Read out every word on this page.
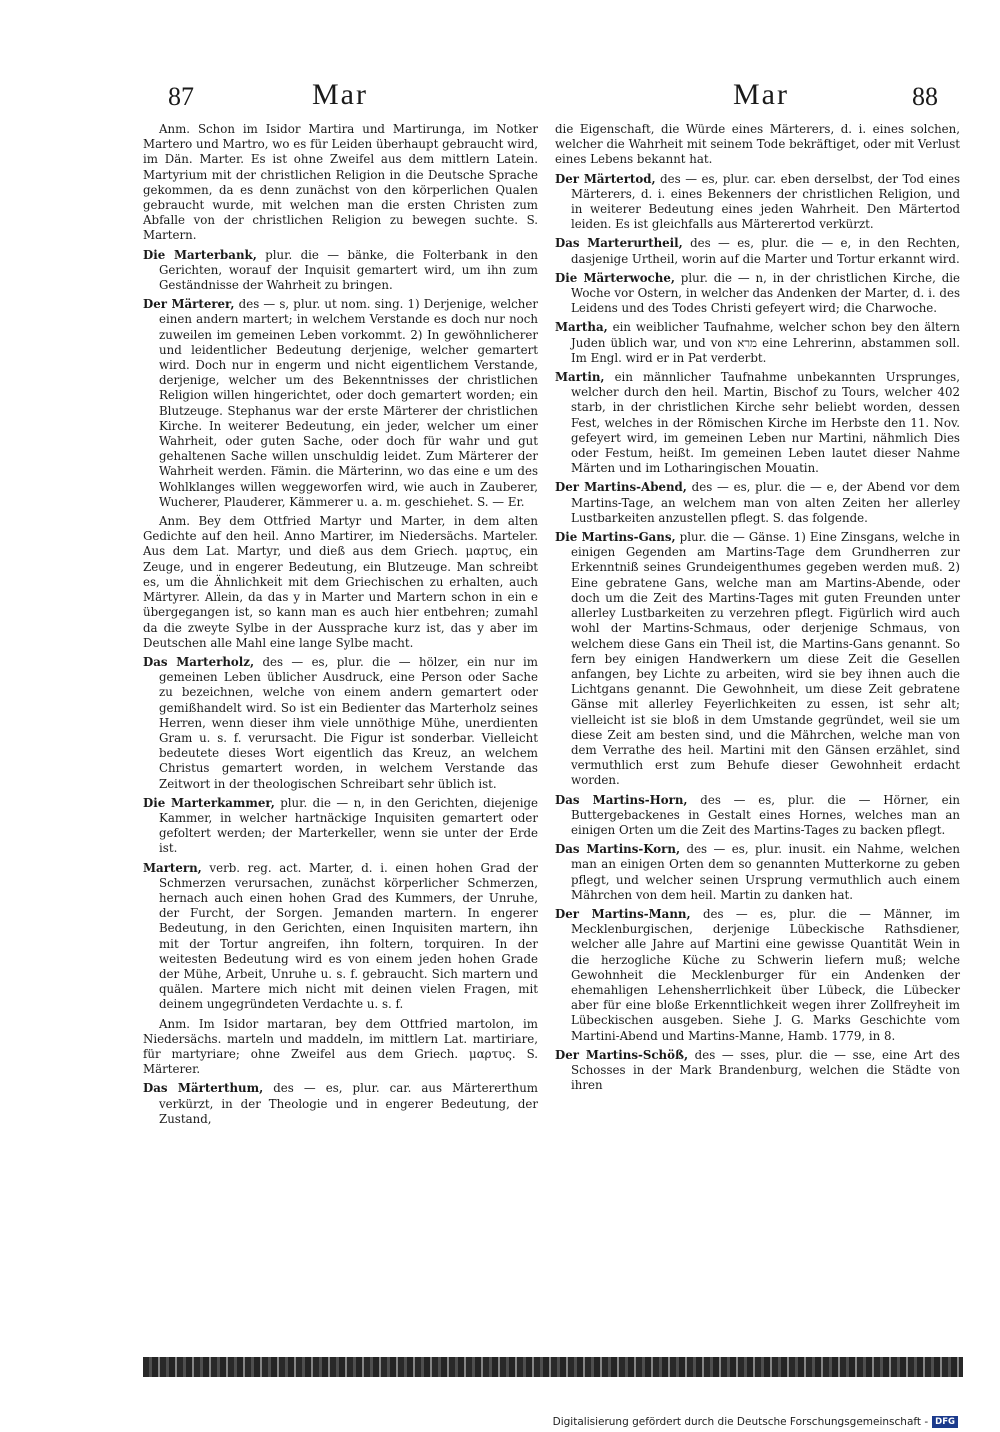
87	Mar	Mar	88

Anm. Schon im Isidor Martira und Martirunga, im Notker Martero und Martro, wo es für Leiden überhaupt gebraucht wird, im Dän. Marter. Es ist ohne Zweifel aus dem mittlern Latein. Martyrium mit der christlichen Religion in die Deutsche Sprache gekommen, da es denn zunächst von den körperlichen Qualen gebraucht wurde, mit welchen man die ersten Christen zum Abfalle von der christlichen Religion zu bewegen suchte. S. Martern.

Die Marterbank, plur. die — bänke, die Folterbank in den Gerichten, worauf der Inquisit gemartert wird, um ihn zum Geständnisse der Wahrheit zu bringen.

Der Märterer, des — s, plur. ut nom. sing. 1) Derjenige, welcher einen andern martert; in welchem Verstande es doch nur noch zuweilen im gemeinen Leben vorkommt. 2) In gewöhnlicherer und leidentlicher Bedeutung derjenige, welcher gemartert wird. Doch nur in engerm und nicht eigentlichem Verstande, derjenige, welcher um des Bekenntnisses der christlichen Religion willen hingerichtet, oder doch gemartert worden; ein Blutzeuge. Stephanus war der erste Märterer der christlichen Kirche. In weiterer Bedeutung, ein jeder, welcher um einer Wahrheit, oder guten Sache, oder doch für wahr und gut gehaltenen Sache willen unschuldig leidet. Zum Märterer der Wahrheit werden. Fämin. die Märterinn, wo das eine e um des Wohlklanges willen weggeworfen wird, wie auch in Zauberer, Wucherer, Plauderer, Kämmerer u. a. m. geschiehet. S. — Er.

Anm. Bey dem Ottfried Martyr und Marter, in dem alten Gedichte auf den heil. Anno Martirer, im Niedersächs. Marteler. Aus dem Lat. Martyr, und dieß aus dem Griech. μαρτυς, ein Zeuge, und in engerer Bedeutung, ein Blutzeuge. Man schreibt es, um die Ähnlichkeit mit dem Griechischen zu erhalten, auch Märtyrer. Allein, da das y in Marter und Martern schon in ein e übergegangen ist, so kann man es auch hier entbehren; zumahl da die zweyte Sylbe in der Aussprache kurz ist, das y aber im Deutschen alle Mahl eine lange Sylbe macht.

Das Marterholz, des — es, plur. die — hölzer, ein nur im gemeinen Leben üblicher Ausdruck, eine Person oder Sache zu bezeichnen, welche von einem andern gemartert oder gemißhandelt wird. So ist ein Bedienter das Marterholz seines Herren, wenn dieser ihm viele unnöthige Mühe, unerdienten Gram u. s. f. verursacht. Die Figur ist sonderbar. Vielleicht bedeutete dieses Wort eigentlich das Kreuz, an welchem Christus gemartert worden, in welchem Verstande das Zeitwort in der theologischen Schreibart sehr üblich ist.

Die Marterkammer, plur. die — n, in den Gerichten, diejenige Kammer, in welcher hartnäckige Inquisiten gemartert oder gefoltert werden; der Marterkeller, wenn sie unter der Erde ist.

Martern, verb. reg. act. Marter, d. i. einen hohen Grad der Schmerzen verursachen, zunächst körperlicher Schmerzen, hernach auch einen hohen Grad des Kummers, der Unruhe, der Furcht, der Sorgen. Jemanden martern. In engerer Bedeutung, in den Gerichten, einen Inquisiten martern, ihn mit der Tortur angreifen, ihn foltern, torquiren. In der weitesten Bedeutung wird es von einem jeden hohen Grade der Mühe, Arbeit, Unruhe u. s. f. gebraucht. Sich martern und quälen. Martere mich nicht mit deinen vielen Fragen, mit deinem ungegründeten Verdachte u. s. f.

Anm. Im Isidor martaran, bey dem Ottfried martolon, im Niedersächs. marteln und maddeln, im mittlern Lat. martiriare, für martyriare; ohne Zweifel aus dem Griech. μαρτυς. S. Märterer.

Das Märterthum, des — es, plur. car. aus Märtererthum verkürzt, in der Theologie und in engerer Bedeutung, der Zustand,

die Eigenschaft, die Würde eines Märterers, d. i. eines solchen, welcher die Wahrheit mit seinem Tode bekräftiget, oder mit Verlust eines Lebens bekannt hat.

Der Märtertod, des — es, plur. car. eben derselbst, der Tod eines Märterers, d. i. eines Bekenners der christlichen Religion, und in weiterer Bedeutung eines jeden Wahrheit. Den Märtertod leiden. Es ist gleichfalls aus Märterertod verkürzt.

Das Marterurtheil, des — es, plur. die — e, in den Rechten, dasjenige Urtheil, worin auf die Marter und Tortur erkannt wird.

Die Märterwoche, plur. die — n, in der christlichen Kirche, die Woche vor Ostern, in welcher das Andenken der Marter, d. i. des Leidens und des Todes Christi gefeyert wird; die Charwoche.

Martha, ein weiblicher Taufnahme, welcher schon bey den ältern Juden üblich war, und von מרא eine Lehrerinn, abstammen soll. Im Engl. wird er in Pat verderbt.

Martin, ein männlicher Taufnahme unbekannten Ursprunges, welcher durch den heil. Martin, Bischof zu Tours, welcher 402 starb, in der christlichen Kirche sehr beliebt worden, dessen Fest, welches in der Römischen Kirche im Herbste den 11. Nov. gefeyert wird, im gemeinen Leben nur Martini, nähmlich Dies oder Festum, heißt. Im gemeinen Leben lautet dieser Nahme Märten und im Lotharingischen Mouatin.

Der Martins-Abend, des — es, plur. die — e, der Abend vor dem Martins-Tage, an welchem man von alten Zeiten her allerley Lustbarkeiten anzustellen pflegt. S. das folgende.

Die Martins-Gans, plur. die — Gänse. 1) Eine Zinsgans, welche in einigen Gegenden am Martins-Tage dem Grundherren zur Erkenntniß seines Grundeigenthumes gegeben werden muß. 2) Eine gebratene Gans, welche man am Martins-Abende, oder doch um die Zeit des Martins-Tages mit guten Freunden unter allerley Lustbarkeiten zu verzehren pflegt. Figürlich wird auch wohl der Martins-Schmaus, oder derjenige Schmaus, von welchem diese Gans ein Theil ist, die Martins-Gans genannt. So fern bey einigen Handwerkern um diese Zeit die Gesellen anfangen, bey Lichte zu arbeiten, wird sie bey ihnen auch die Lichtgans genannt. Die Gewohnheit, um diese Zeit gebratene Gänse mit allerley Feyerlichkeiten zu essen, ist sehr alt; vielleicht ist sie bloß in dem Umstande gegründet, weil sie um diese Zeit am besten sind, und die Mährchen, welche man von dem Verrathe des heil. Martini mit den Gänsen erzählet, sind vermuthlich erst zum Behufe dieser Gewohnheit erdacht worden.

Das Martins-Horn, des — es, plur. die — Hörner, ein Buttergebackenes in Gestalt eines Hornes, welches man an einigen Orten um die Zeit des Martins-Tages zu backen pflegt.

Das Martins-Korn, des — es, plur. inusit. ein Nahme, welchen man an einigen Orten dem so genannten Mutterkorne zu geben pflegt, und welcher seinen Ursprung vermuthlich auch einem Mährchen von dem heil. Martin zu danken hat.

Der Martins-Mann, des — es, plur. die — Männer, im Mecklenburgischen, derjenige Lübeckische Rathsdiener, welcher alle Jahre auf Martini eine gewisse Quantität Wein in die herzogliche Küche zu Schwerin liefern muß; welche Gewohnheit die Mecklenburger für ein Andenken der ehemahligen Lehensherrlichkeit über Lübeck, die Lübecker aber für eine bloße Erkenntlichkeit wegen ihrer Zollfreyheit im Lübeckischen ausgeben. Siehe J. G. Marks Geschichte vom Martini-Abend und Martins-Manne, Hamb. 1779, in 8.

Der Martins-Schöß, des — sses, plur. die — sse, eine Art des Schosses in der Mark Brandenburg, welchen die Städte von ihren

Digitalisierung gefördert durch die Deutsche Forschungsgemeinschaft - DFG
